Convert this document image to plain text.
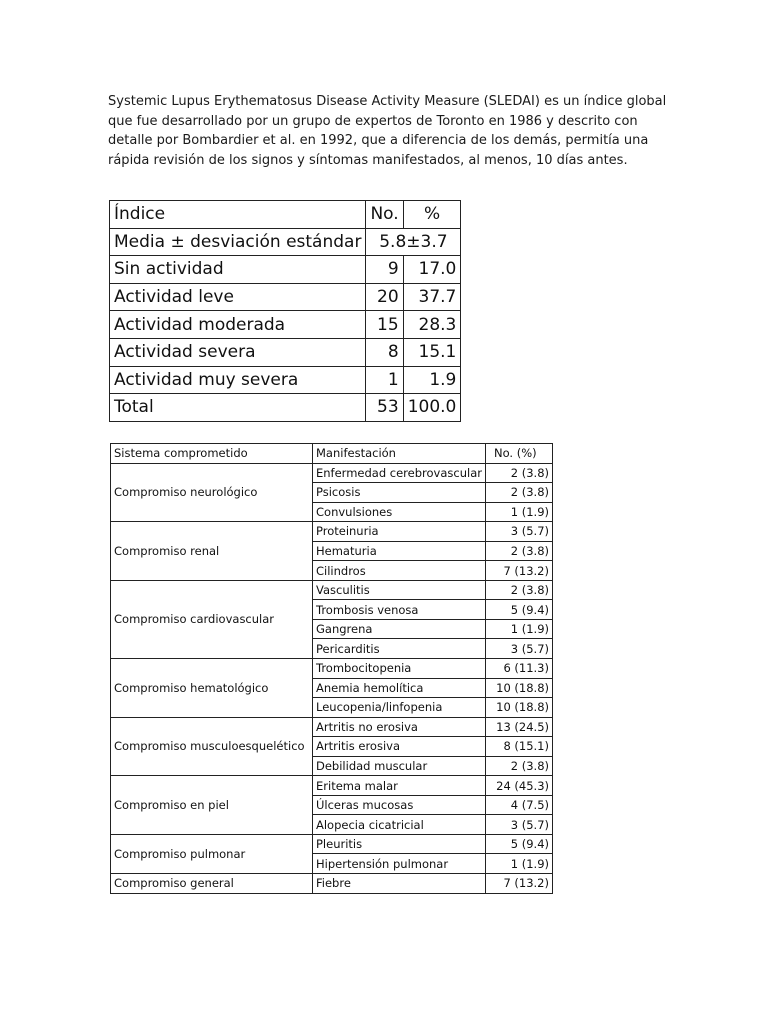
Systemic Lupus Erythematosus Disease Activity Measure (SLEDAI) es un índice global
que fue desarrollado por un grupo de expertos de Toronto en 1986 y descrito con
detalle por Bombardier et al. en 1992, que a diferencia de los demás, permitía una
rápida revisión de los signos y síntomas manifestados, al menos, 10 días antes.

Índice	No.	%
Media ± desviación estándar	5.8±3.7	
Sin actividad	9	17.0
Actividad leve	20	37.7
Actividad moderada	15	28.3
Actividad severa	8	15.1
Actividad muy severa	1	1.9
Total	53	100.0
Sistema comprometido	Manifestación	No. (%)
Compromiso neurológico	Enfermedad cerebrovascular	2 (3.8)
	Psicosis	2 (3.8)
	Convulsiones	1 (1.9)
Compromiso renal	Proteinuria	3 (5.7)
	Hematuria	2 (3.8)
	Cilindros	7 (13.2)
Compromiso cardiovascular	Vasculitis	2 (3.8)
	Trombosis venosa	5 (9.4)
	Gangrena	1 (1.9)
	Pericarditis	3 (5.7)
Compromiso hematológico	Trombocitopenia	6 (11.3)
	Anemia hemolítica	10 (18.8)
	Leucopenia/linfopenia	10 (18.8)
Compromiso musculoesquelético	Artritis no erosiva	13 (24.5)
	Artritis erosiva	8 (15.1)
	Debilidad muscular	2 (3.8)
Compromiso en piel	Eritema malar	24 (45.3)
	Úlceras mucosas	4 (7.5)
	Alopecia cicatricial	3 (5.7)
Compromiso pulmonar	Pleuritis	5 (9.4)
	Hipertensión pulmonar	1 (1.9)
Compromiso general	Fiebre	7 (13.2)
